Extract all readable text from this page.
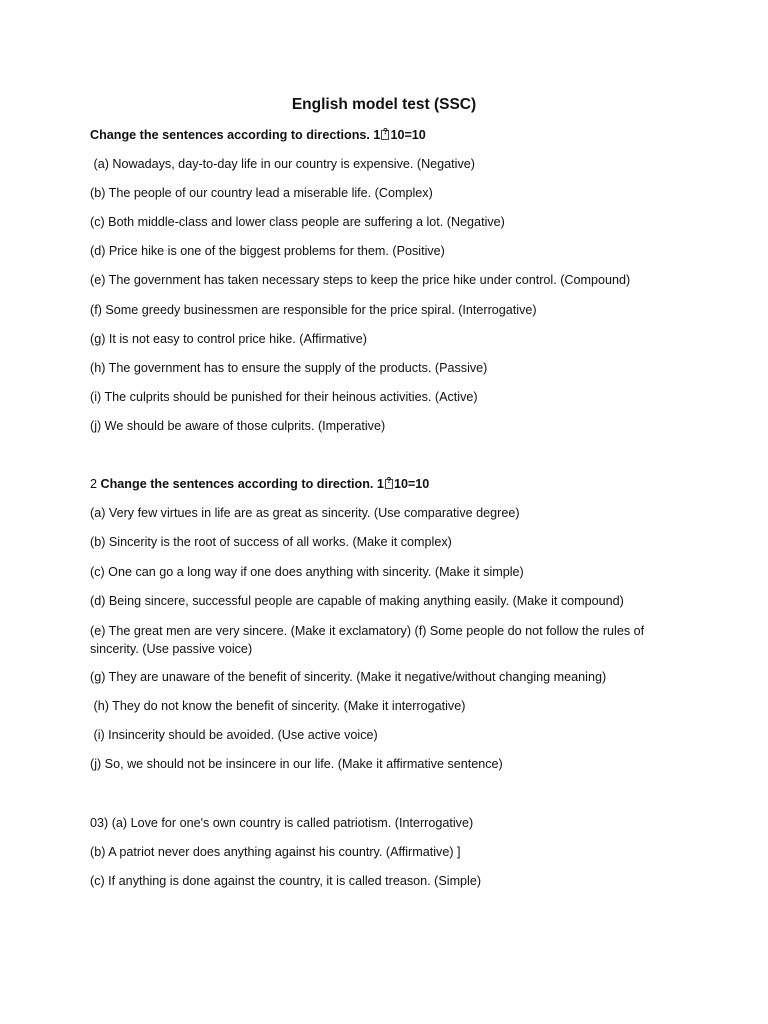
English model test (SSC)
Change the sentences according to directions. 1 ? 10=10
(a) Nowadays, day-to-day life in our country is expensive. (Negative)
(b) The people of our country lead a miserable life. (Complex)
(c) Both middle-class and lower class people are suffering a lot. (Negative)
(d) Price hike is one of the biggest problems for them. (Positive)
(e) The government has taken necessary steps to keep the price hike under control. (Compound)
(f) Some greedy businessmen are responsible for the price spiral. (Interrogative)
(g) It is not easy to control price hike. (Affirmative)
(h) The government has to ensure the supply of the products. (Passive)
(i) The culprits should be punished for their heinous activities. (Active)
(j) We should be aware of those culprits. (Imperative)
2 Change the sentences according to direction. 1 ? 10=10
(a) Very few virtues in life are as great as sincerity. (Use comparative degree)
(b) Sincerity is the root of success of all works. (Make it complex)
(c) One can go a long way if one does anything with sincerity. (Make it simple)
(d) Being sincere, successful people are capable of making anything easily. (Make it compound)
(e) The great men are very sincere. (Make it exclamatory) (f) Some people do not follow the rules of sincerity. (Use passive voice)
(g) They are unaware of the benefit of sincerity. (Make it negative/without changing meaning)
(h) They do not know the benefit of sincerity. (Make it interrogative)
(i) Insincerity should be avoided. (Use active voice)
(j) So, we should not be insincere in our life. (Make it affirmative sentence)
03) (a) Love for one's own country is called patriotism. (Interrogative)
(b) A patriot never does anything against his country. (Affirmative) ]
(c) If anything is done against the country, it is called treason. (Simple)
